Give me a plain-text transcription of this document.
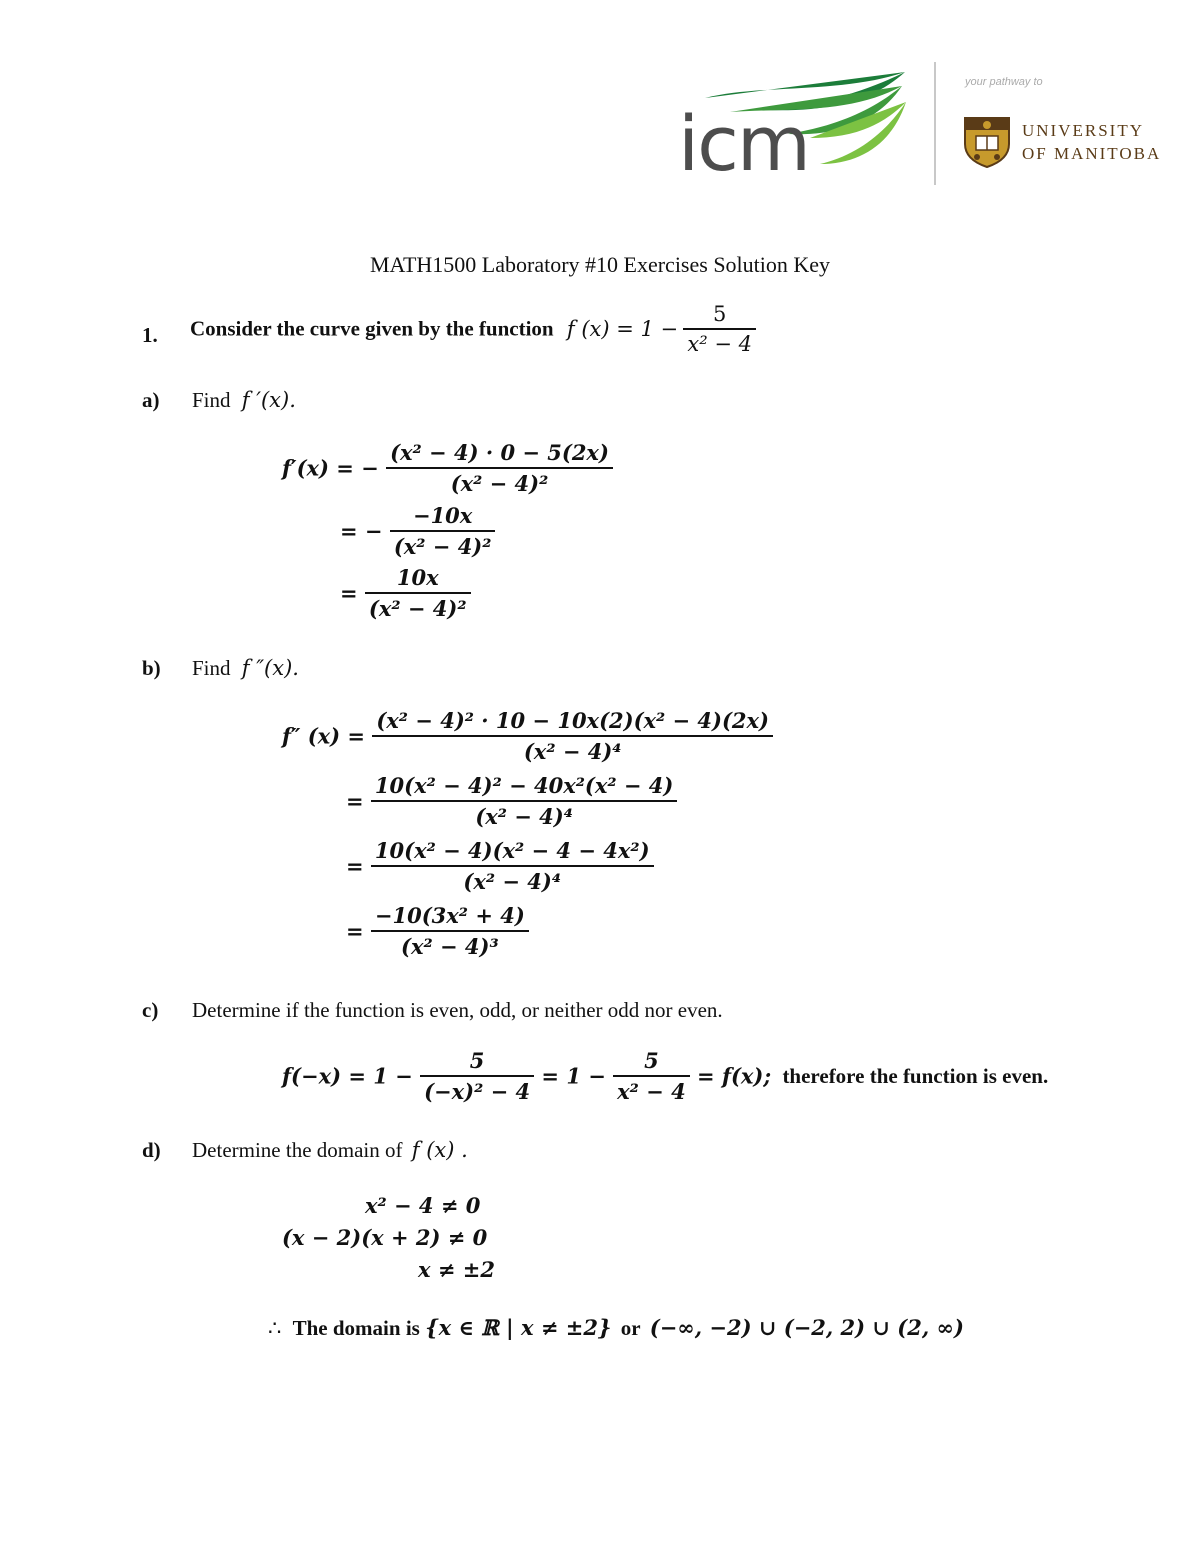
icm
your pathway to
UNIVERSITY
OF MANITOBA
MATH1500 Laboratory #10 Exercises Solution Key
1. Consider the curve given by the function f $(x) = 1 - \frac{5}{\text{x² − 4}}$
a) Find f ′(x).
f′(x) = − $\frac{\text{(x² − 4) · 0 − 5(2x)}}{\text{(x² − 4)²}}$
= − $\frac{-10x}{\text{(x² − 4)²}}$
= $\frac{10x}{\text{(x² − 4)²}}$
b) Find f ″(x).
f″ $(x) = \frac{\text{(x² − 4)² · 10 − 10x(2)(x² − 4)(2x)}}{\text{(x² − 4)⁴}}$
= $\frac{\text{10(x² − 4)² − 40x²(x² − 4)}}{\text{(x² − 4)⁴}}$
= $\frac{\text{10(x² − 4)(x² − 4 − 4x²)}}{\text{(x² − 4)⁴}}$
= $\frac{\text{−10(3x² + 4)}}{\text{(x² − 4)³}}$
c) Determine if the function is even, odd, or neither odd nor even.
$f(-x) = 1 - \frac{5}{\text{(−x)² − 4}} = 1 - \frac{5}{\text{x² − 4}} = f(x)$; therefore the function is even.
d) Determine the domain of f (x) .
x² − 4 ≠ 0
(x − 2)(x + 2) ≠ 0
x ≠ ±2
∴ The domain is {x ∈ ℝ | x ≠ ±2} or (−∞, −2) ∪ (−2, 2) ∪ (2, ∞)
